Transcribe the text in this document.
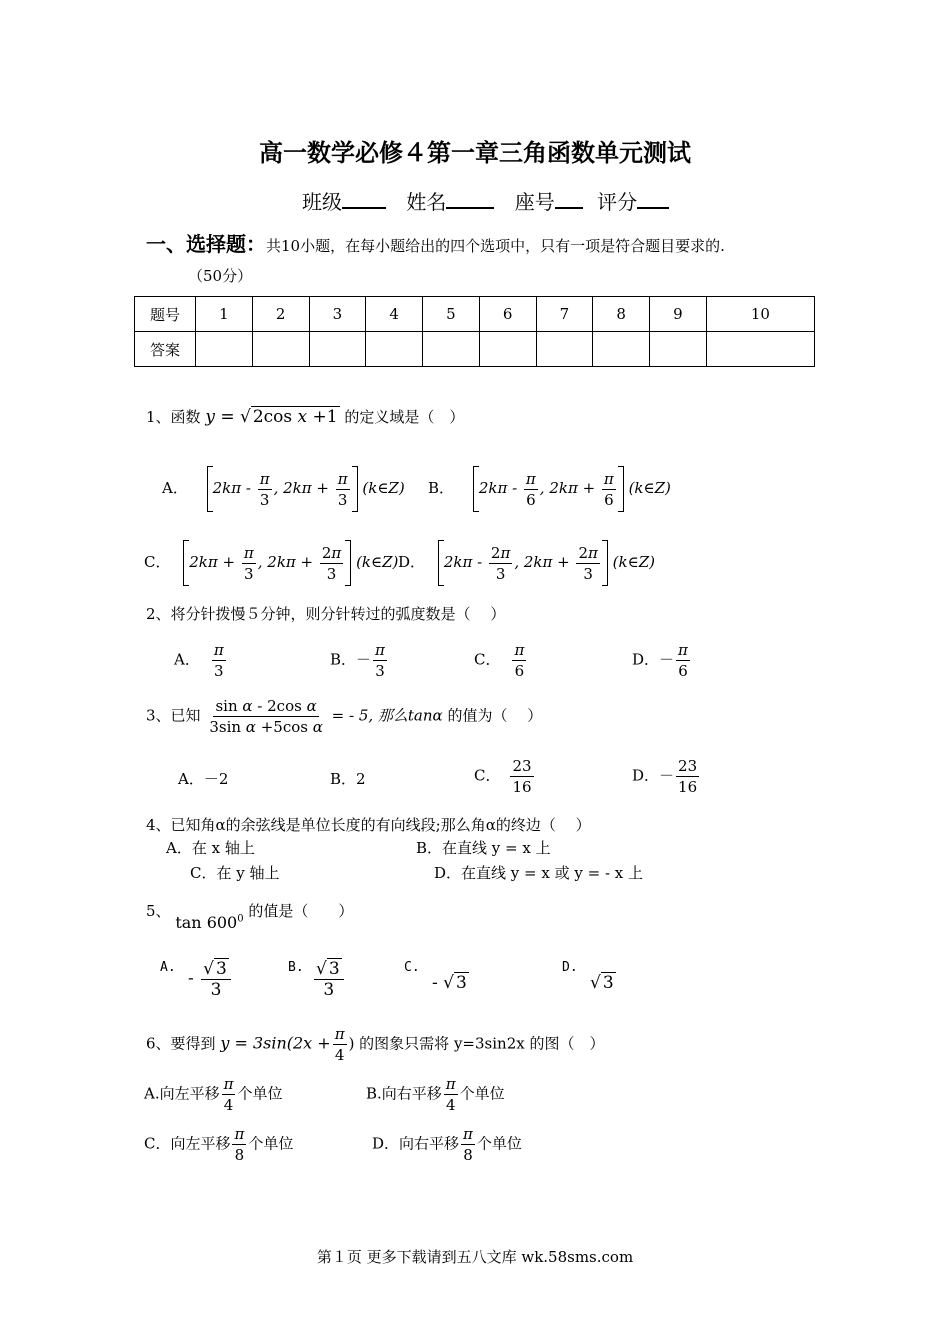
高一数学必修４第一章三角函数单元测试
班级	姓名	座号 评分
一、选择题：共10小题，在每小题给出的四个选项中，只有一项是符合题目要求的.
（50分）
题号	1	2	3	4	5	6	7	8	9	10
答案										
1、函数 y = √ 2cos x +1 的定义域是（　）
A． $2k\pi - \frac{\pi}{3}$ , $2k\pi + \frac{\pi}{3}$ (k∈Z) B． $2k\pi - \frac{\pi}{6}$ , $2k\pi + \frac{\pi}{6}$ (k∈Z)
C． $2k\pi + \frac{\pi}{3}$ , $2k\pi + \frac{2\pi}{3}$ (k∈Z) D． $2k\pi - \frac{2\pi}{3}$ , $2k\pi + \frac{2\pi}{3}$ (k∈Z)
2、将分针拨慢５分钟，则分针转过的弧度数是（　 ）
A． $\frac{\pi}{3}$	B．－ $\frac{\pi}{3}$	C． $\frac{\pi}{6}$	D．－ $\frac{\pi}{6}$
3、已知 $\frac{\text{sin α - 2cos α}}{\text{3sin α +5cos α}}$ = - 5, 那么tanα 的值为（　 ）
A．－2	B．2	C． $\frac{23}{16}$	D．－ $\frac{23}{16}$
4、已知角α的余弦线是单位长度的有向线段;那么角α的终边（　 ）
A．在 x 轴上	B．在直线 y = x 上
C．在 y 轴上	D．在直线 y = x 或 y = - x 上
5、 $\tan 600^0$ 的值是（　　）
A.
- $\frac{√ 3}{3}$	B. $\frac{√ 3}{3}$	C.
- √ 3
D.
√ 3
6、要得到 $y = 3\sin(2x + \frac{\pi}{4}$ ) 的图象只需将 y=3sin2x 的图（　）
A.向左平移 $\frac{\pi}{4}$ 个单位	B.向右平移 $\frac{\pi}{4}$ 个单位
C．向左平移 $\frac{\pi}{8}$ 个单位	D．向右平移 $\frac{\pi}{8}$ 个单位
第１页 更多下载请到五八文库 wk.58sms.com
